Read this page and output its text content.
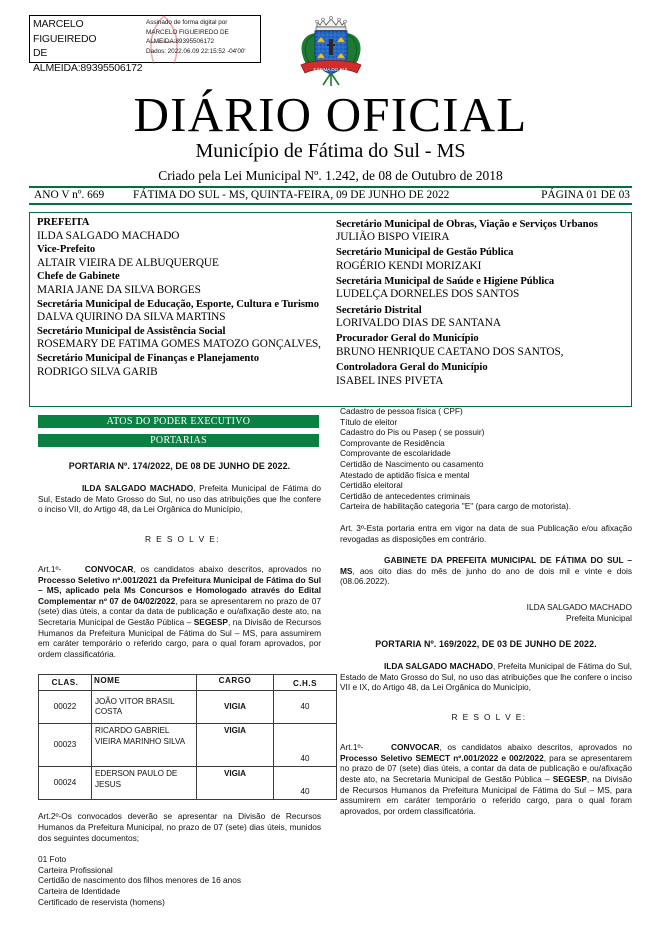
MARCELO FIGUEIREDO
DE
ALMEIDA:89395506172
Assinado de forma digital por
MARCELO FIGUEIREDO DE
ALMEIDA:89395506172
Dados: 2022.06.09 22:15:52 -04'00'
FÁTIMA DO SUL
DIÁRIO OFICIAL
Município de Fátima do Sul - MS
Criado pela Lei Municipal Nº. 1.242, de 08 de Outubro de 2018
ANO V nº. 669	FÁTIMA DO SUL - MS, QUINTA-FEIRA, 09 DE JUNHO DE 2022	PÁGINA 01 DE 03
PREFEITA
ILDA SALGADO MACHADO
Vice-Prefeito
ALTAIR VIEIRA DE ALBUQUERQUE
Chefe de Gabinete
MARIA JANE DA SILVA BORGES
Secretária Municipal de Educação, Esporte, Cultura e Turismo
DALVA QUIRINO DA SILVA MARTINS
Secretário Municipal de Assistência Social
ROSEMARY DE FATIMA GOMES MATOZO GONÇALVES,
Secretário Municipal de Finanças e Planejamento
RODRIGO SILVA GARIB
Secretário Municipal de Obras, Viação e Serviços Urbanos
JULIÃO BISPO VIEIRA
Secretário Municipal de Gestão Pública
ROGÉRIO KENDI MORIZAKI
Secretária Municipal de Saúde e Higiene Pública
LUDELÇA DORNELES DOS SANTOS
Secretário Distrital
LORIVALDO DIAS DE SANTANA
Procurador Geral do Município
BRUNO HENRIQUE CAETANO DOS SANTOS,
Controladora Geral do Município
ISABEL INES PIVETA
ATOS DO PODER EXECUTIVO
PORTARIAS
PORTARIA Nº. 174/2022, DE 08 DE JUNHO DE 2022.

ILDA SALGADO MACHADO, Prefeita Municipal de Fátima do Sul, Estado de Mato Grosso do Sul, no uso das atribuições que lhe confere o inciso VII, do Artigo 48, da Lei Orgânica do Município,

R E S O L V E:

Art.1º-	CONVOCAR, os candidatos abaixo descritos, aprovados no Processo Seletivo nº.001/2021 da Prefeitura Municipal de Fátima do Sul – MS, aplicado pela Ms Concursos e Homologado através do Edital Complementar nº 07 de 04/02/2022, para se apresentarem no prazo de 07 (sete) dias úteis, a contar da data de publicação e ou/afixação deste ato, na Secretaria Municipal de Gestão Pública – SEGESP, na Divisão de Recursos Humanos da Prefeitura Municipal de Fátima do Sul – MS, para assumirem em caráter temporário o referido cargo, para o qual foram aprovados, por ordem classificatória.

CLAS.	NOME	CARGO	C.H.S
00022	JOÃO VITOR BRASIL COSTA	VIGIA	40
00023	RICARDO GABRIEL VIEIRA MARINHO SILVA	VIGIA	40
00024	EDERSON PAULO DE JESUS	VIGIA	40

Art.2º-Os convocados deverão se apresentar na Divisão de Recursos Humanos da Prefeitura Municipal, no prazo de 07 (sete) dias úteis, munidos dos seguintes documentos;

01 Foto
Carteira Profissional
Certidão de nascimento dos filhos menores de 16 anos
Carteira de Identidade
Certificado de reservista (homens)
Cadastro de pessoa física ( CPF)
Título de eleitor
Cadastro do Pis ou Pasep ( se possuir)
Comprovante de Residência
Comprovante de escolaridade
Certidão de Nascimento ou casamento
Atestado de aptidão física e mental
Certidão eleitoral
Certidão de antecedentes criminais
Carteira de habilitação categoria "E" (para cargo de motorista).

Art. 3º-Esta portaria entra em vigor na data de sua Publicação e/ou afixação revogadas as disposições em contrário.

GABINETE DA PREFEITA MUNICIPAL DE FÁTIMA DO SUL – MS, aos oito dias do mês de junho do ano de dois mil e vinte e dois (08.06.2022).

ILDA SALGADO MACHADO

Prefeita Municipal

PORTARIA Nº. 169/2022, DE 03 DE JUNHO DE 2022.

ILDA SALGADO MACHADO, Prefeita Municipal de Fátima do Sul, Estado de Mato Grosso do Sul, no uso das atribuições que lhe confere o inciso VII e IX, do Artigo 48, da Lei Orgânica do Município,

R E S O L V E:

Art.1º-	CONVOCAR, os candidatos abaixo descritos, aprovados no Processo Seletivo SEMECT nº.001/2022 e 002/2022, para se apresentarem no prazo de 07 (sete) dias úteis, a contar da data de publicação e ou/afixação deste ato, na Secretaria Municipal de Gestão Pública – SEGESP, na Divisão de Recursos Humanos da Prefeitura Municipal de Fátima do Sul – MS, para assumirem em caráter temporário o referido cargo, para o qual foram aprovados, por ordem classificatória.
